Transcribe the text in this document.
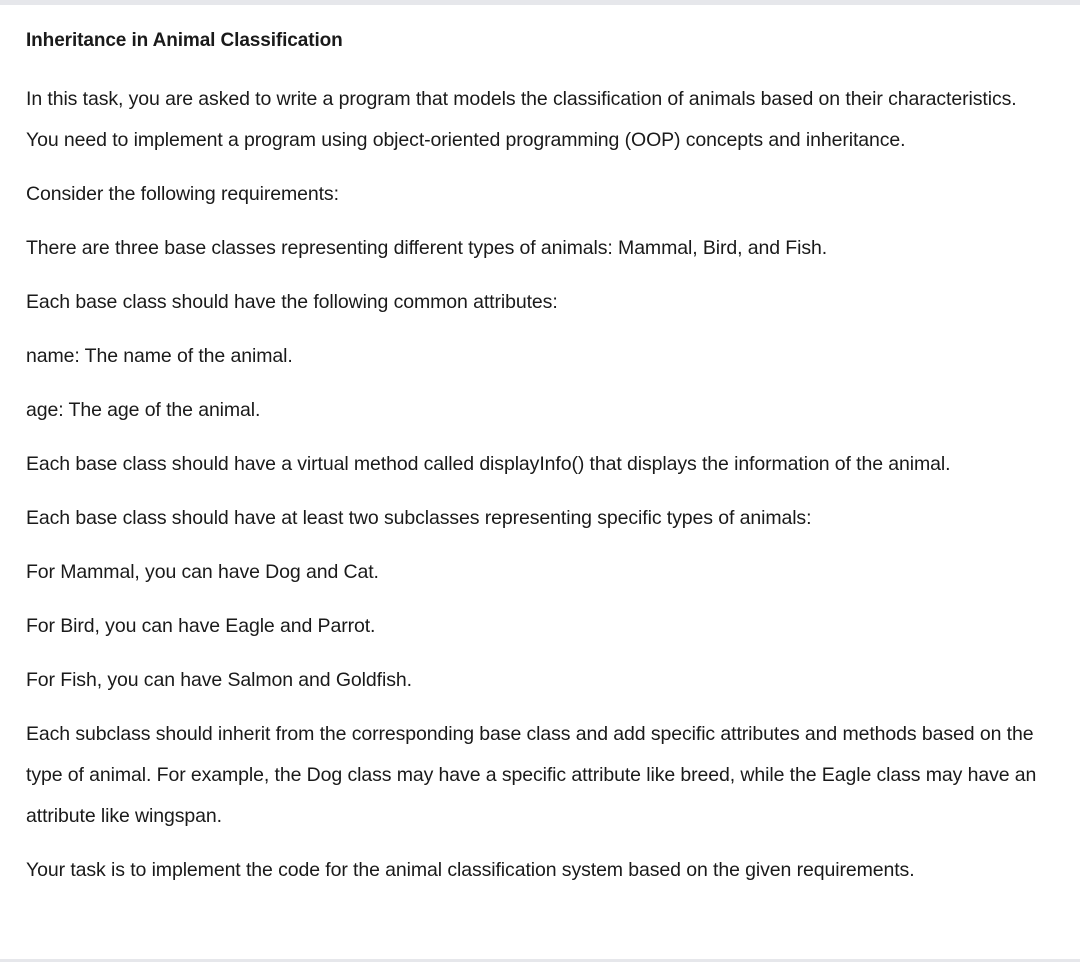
Inheritance in Animal Classification

In this task, you are asked to write a program that models the classification of animals based on their characteristics. You need to implement a program using object-oriented programming (OOP) concepts and inheritance.

Consider the following requirements:

There are three base classes representing different types of animals: Mammal, Bird, and Fish.

Each base class should have the following common attributes:

name: The name of the animal.

age: The age of the animal.

Each base class should have a virtual method called displayInfo() that displays the information of the animal.

Each base class should have at least two subclasses representing specific types of animals:

For Mammal, you can have Dog and Cat.

For Bird, you can have Eagle and Parrot.

For Fish, you can have Salmon and Goldfish.

Each subclass should inherit from the corresponding base class and add specific attributes and methods based on the type of animal. For example, the Dog class may have a specific attribute like breed, while the Eagle class may have an attribute like wingspan.

Your task is to implement the code for the animal classification system based on the given requirements.
